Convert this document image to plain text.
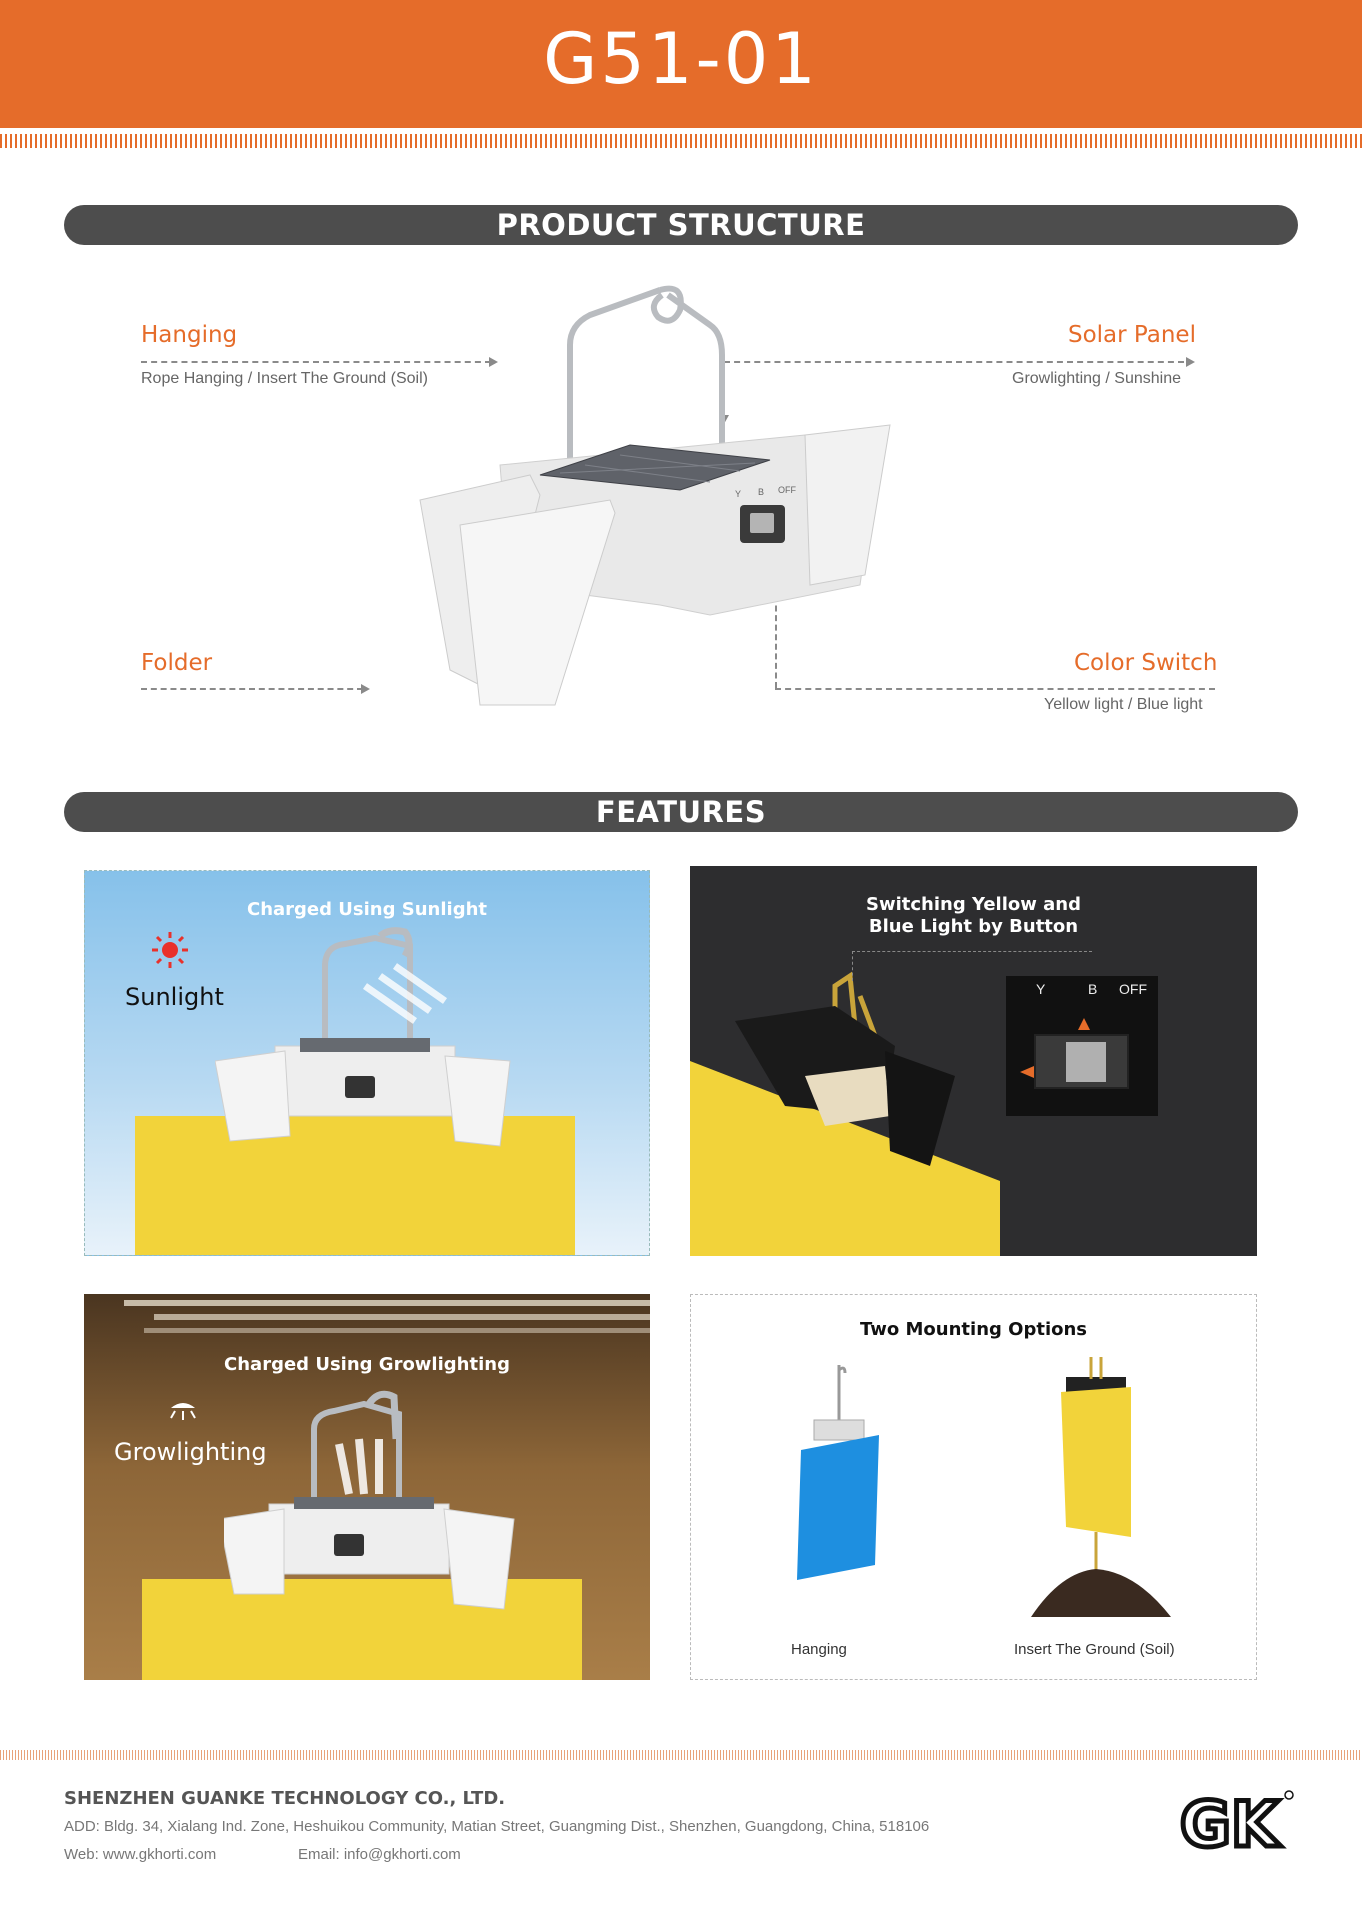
G51-01
PRODUCT STRUCTURE
Hanging
Rope Hanging / Insert The Ground (Soil)
Solar Panel
Growlighting / Sunshine
Folder	Color Switch
Yellow light / Blue light
Y B OFF
FEATURES
Charged Using Sunlight
Sunlight
Switching Yellow and
Blue Light by Button
Y	B OFF
Charged Using Growlighting
Growlighting
Two Mounting Options
Hanging	Insert The Ground (Soil)
SHENZHEN GUANKE TECHNOLOGY CO., LTD.
ADD: Bldg. 34, Xialang Ind. Zone, Heshuikou Community, Matian Street, Guangming Dist., Shenzhen, Guangdong, China, 518106
Web: www.gkhorti.com	Email: info@gkhorti.com	GK
